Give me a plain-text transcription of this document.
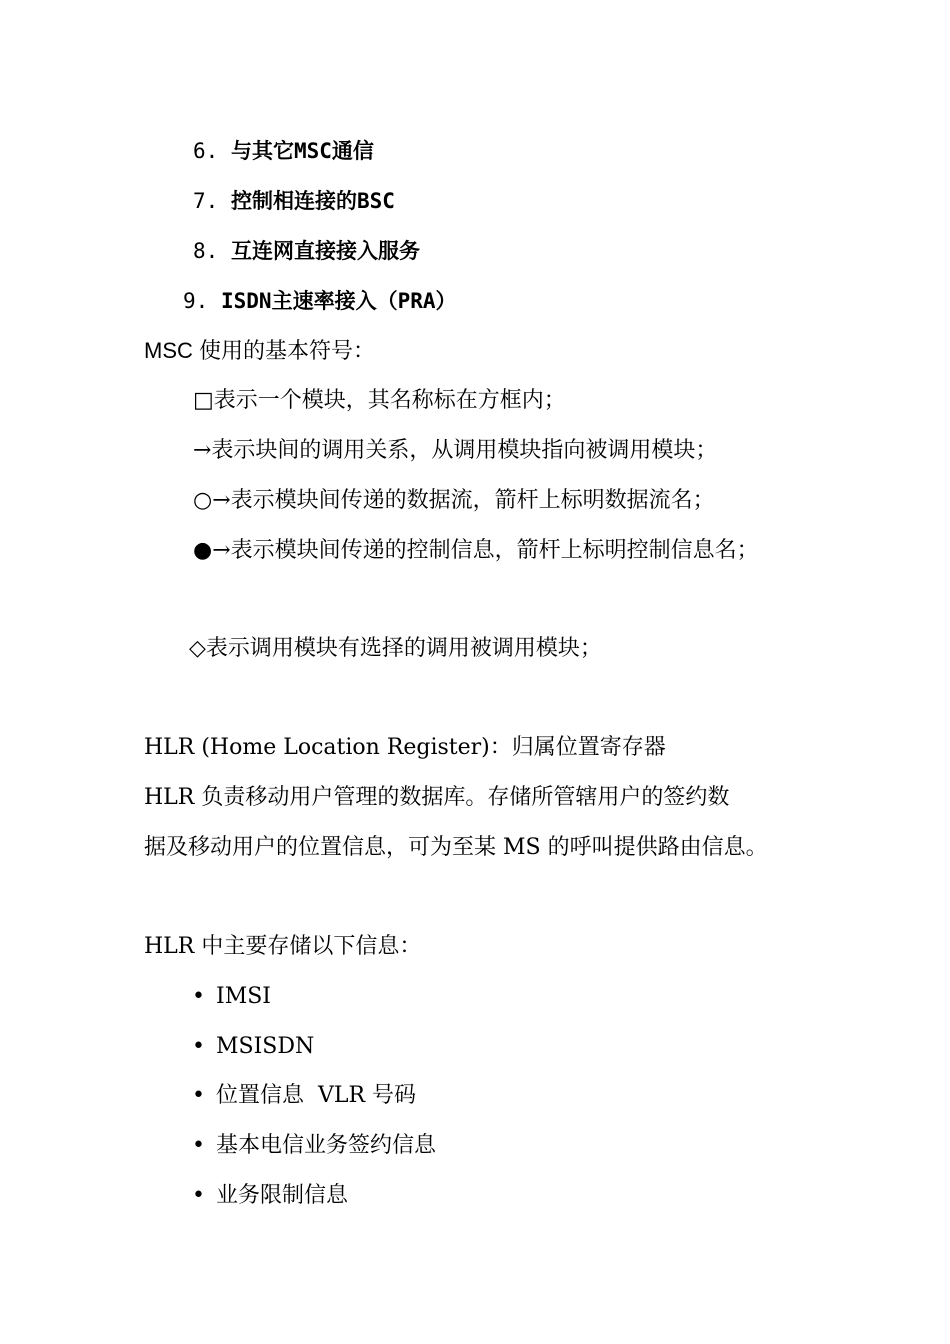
6. 与其它MSC通信
7. 控制相连接的BSC
8. 互连网直接接入服务
9. ISDN主速率接入（PRA）
MSC 使用的基本符号：
□表示一个模块，其名称标在方框内；
→表示块间的调用关系，从调用模块指向被调用模块；
○→表示模块间传递的数据流，箭杆上标明数据流名；
●→表示模块间传递的控制信息，箭杆上标明控制信息名；
◇表示调用模块有选择的调用被调用模块；
HLR (Home Location Register)：归属位置寄存器
HLR 负责移动用户管理的数据库。存储所管辖用户的签约数
据及移动用户的位置信息，可为至某 MS 的呼叫提供路由信息。
HLR 中主要存储以下信息：
• IMSI
• MSISDN
• 位置信息  VLR 号码
• 基本电信业务签约信息
• 业务限制信息
